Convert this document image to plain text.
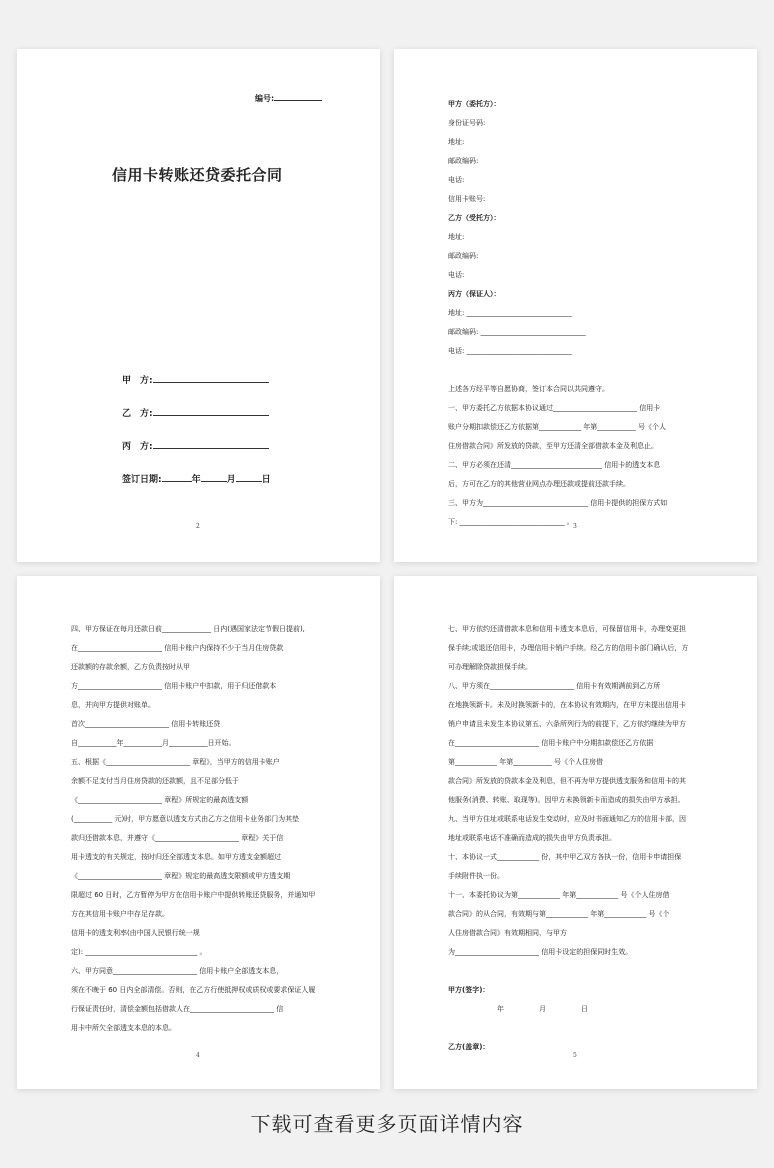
编号:
信用卡转账还贷委托合同
甲　方:
乙　方:
丙　方:
签订日期:	年	月	日
2

甲方（委托方）：

身份证号码:

地址:

邮政编码:

电话:

信用卡账号:

乙方（受托方）：

地址:

邮政编码:

电话:

丙方（保证人）：

地址: ______________________________

邮政编码: ______________________________

电话: ______________________________

上述各方经平等自愿协商，签订本合同以共同遵守。

一、甲方委托乙方依据本协议通过________________________ 信用卡

账户分期扣款偿还乙方依据第____________ 年第___________ 号《个人

住房借款合同》所发放的贷款，至甲方还清全部借款本金及利息止。

二、甲方必须在还清__________________________ 信用卡的透支本息

后，方可在乙方的其他营业网点办理还款或提前还款手续。

三、甲方为______________________________ 信用卡提供的担保方式如

下: ______________________________ 。

3

四、甲方保证在每月还款日前______________ 日内(遇国家法定节假日提前),

在________________________ 信用卡账户内保持不少于当月住房贷款

还款额的存款余额，乙方负责按时从甲

方________________________ 信用卡账户中扣款，用于归还借款本

息，并向甲方提供对账单。

首次________________________ 信用卡转账还贷

自___________年___________月___________日开始。

五、根据《________________________ 章程》，当甲方的信用卡账户

余额不足支付当月住房贷款的还款额，且不足部分低于

《________________________ 章程》所规定的最高透支额

(___________ 元)时，甲方愿意以透支方式由乙方之信用卡业务部门为其垫

款归还借款本息，并遵守《________________________ 章程》关于信

用卡透支的有关规定，按时归还全部透支本息。如甲方透支金额超过

《________________________ 章程》规定的最高透支限额或甲方透支期

限超过 60 日时，乙方暂停为甲方在信用卡账户中提供转账还贷服务，并通知甲

方在其信用卡账户中存足存款。

信用卡的透支利率(由中国人民银行统一规

定): ________________________________ 。

六、甲方同意________________________ 信用卡账户全部透支本息，

须在不晚于 60 日内全部清偿。否则，在乙方行使抵押权或质权或要求保证人履

行保证责任时，清偿金额包括借款人在________________________ 信

用卡中所欠全部透支本息的本息。

4

七、甲方依约还清借款本息和信用卡透支本息后，可保留信用卡，办理变更担

保手续;或退还信用卡，办理信用卡销户手续。经乙方的信用卡部门确认后，方

可办理解除贷款担保手续。

八、甲方须在________________________ 信用卡有效期满前到乙方所

在地换领新卡。未及时换领新卡的，在本协议有效期内，在甲方未提出信用卡

销户申请且未发生本协议第五、六条所列行为的前提下，乙方依约继续为甲方

在________________________ 信用卡账户中分期扣款偿还乙方依据

第____________ 年第___________ 号《个人住房借

款合同》所发放的贷款本金及利息，但不再为甲方提供透支服务和信用卡的其

他服务(消费、转账、取现等)。因甲方未换领新卡而造成的损失由甲方承担。

九、当甲方住址或联系电话发生变动时，应及时书面通知乙方的信用卡部，因

地址或联系电话不准确而造成的损失由甲方负责承担。

十、本协议一式____________ 份，其中甲乙双方各执一份，信用卡申请担保

手续附件执一份。

十一、本委托协议为第____________ 年第____________ 号《个人住房借

款合同》的从合同，有效期与第____________ 年第____________ 号《个

人住房借款合同》有效期相同，与甲方

为________________________ 信用卡设定的担保同时生效。

甲方(签字)：

　　　　　　　年　　　　　月　　　　　日

乙方(盖章)：

5
下载可查看更多页面详情内容
